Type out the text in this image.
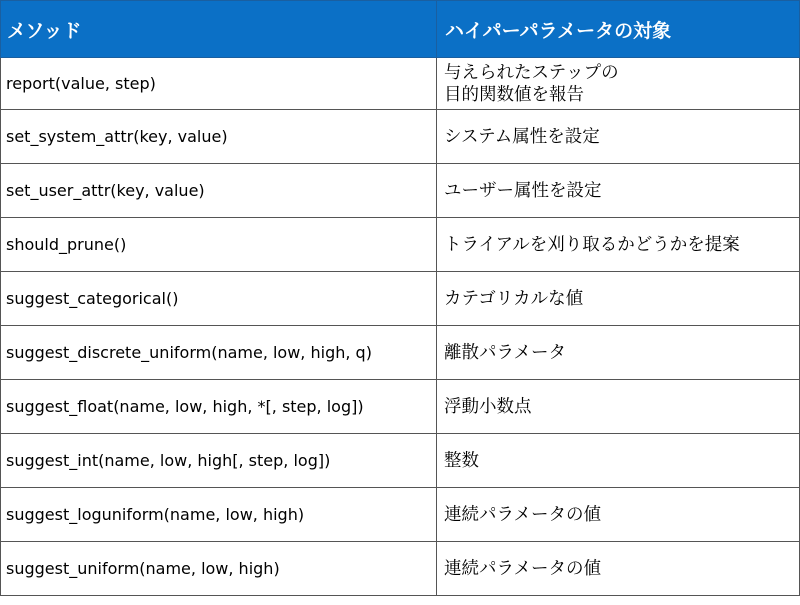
メソッド	ハイパーパラメータの対象
report(value, step)	与えられたステップの
目的関数値を報告
set_system_attr(key, value)	システム属性を設定
set_user_attr(key, value)	ユーザー属性を設定
should_prune()	トライアルを刈り取るかどうかを提案
suggest_categorical()	カテゴリカルな値
suggest_discrete_uniform(name, low, high, q)	離散パラメータ
suggest_float(name, low, high, *[, step, log])	浮動小数点
suggest_int(name, low, high[, step, log])	整数
suggest_loguniform(name, low, high)	連続パラメータの値
suggest_uniform(name, low, high)	連続パラメータの値
